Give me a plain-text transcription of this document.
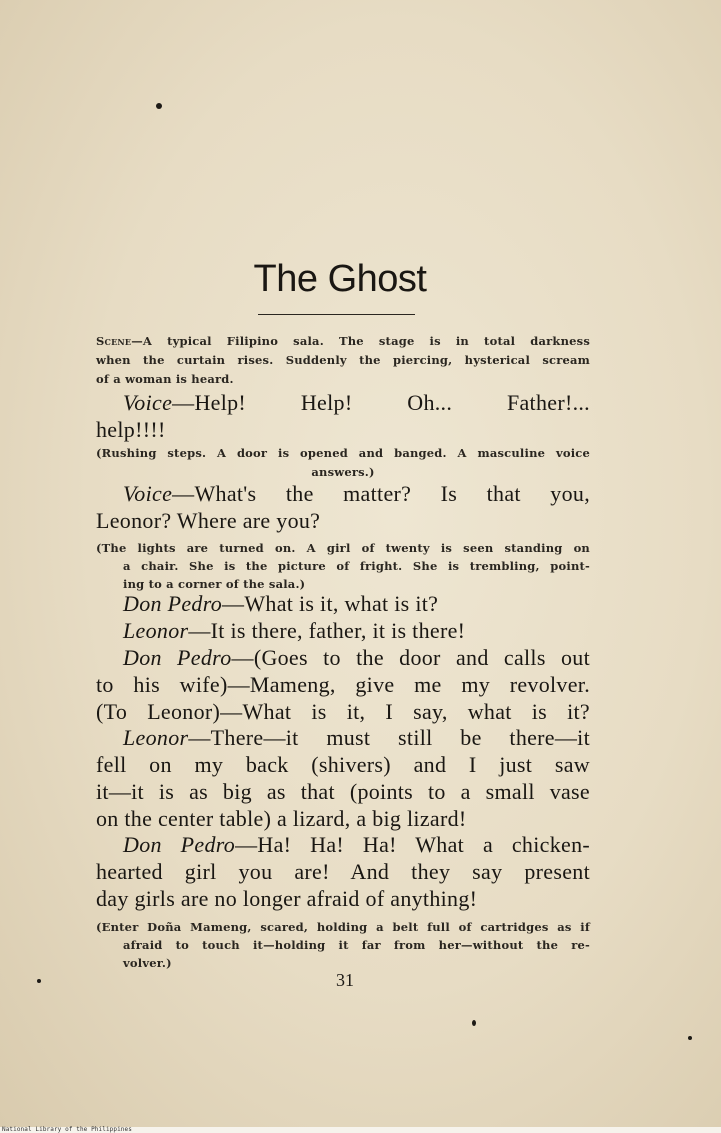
The Ghost
Scene—A typical Filipino sala. The stage is in total darkness
when the curtain rises. Suddenly the piercing, hysterical scream
of a woman is heard.
Voice—Help! Help! Oh... Father!...
help!!!!
(Rushing steps. A door is opened and banged. A masculine voice
answers.)
Voice—What's the matter? Is that you,
Leonor? Where are you?
(The lights are turned on. A girl of twenty is seen standing on
a chair. She is the picture of fright. She is trembling, point-
ing to a corner of the sala.)
Don Pedro—What is it, what is it?
Leonor—It is there, father, it is there!
Don Pedro—(Goes to the door and calls out
to his wife)—Mameng, give me my revolver.
(To Leonor)—What is it, I say, what is it?
Leonor—There—it must still be there—it
fell on my back (shivers) and I just saw
it—it is as big as that (points to a small vase
on the center table) a lizard, a big lizard!
Don Pedro—Ha! Ha! Ha! What a chicken-
hearted girl you are! And they say present
day girls are no longer afraid of anything!
(Enter Doña Mameng, scared, holding a belt full of cartridges as if
afraid to touch it—holding it far from her—without the re-
volver.)
31
National Library of the Philippines
